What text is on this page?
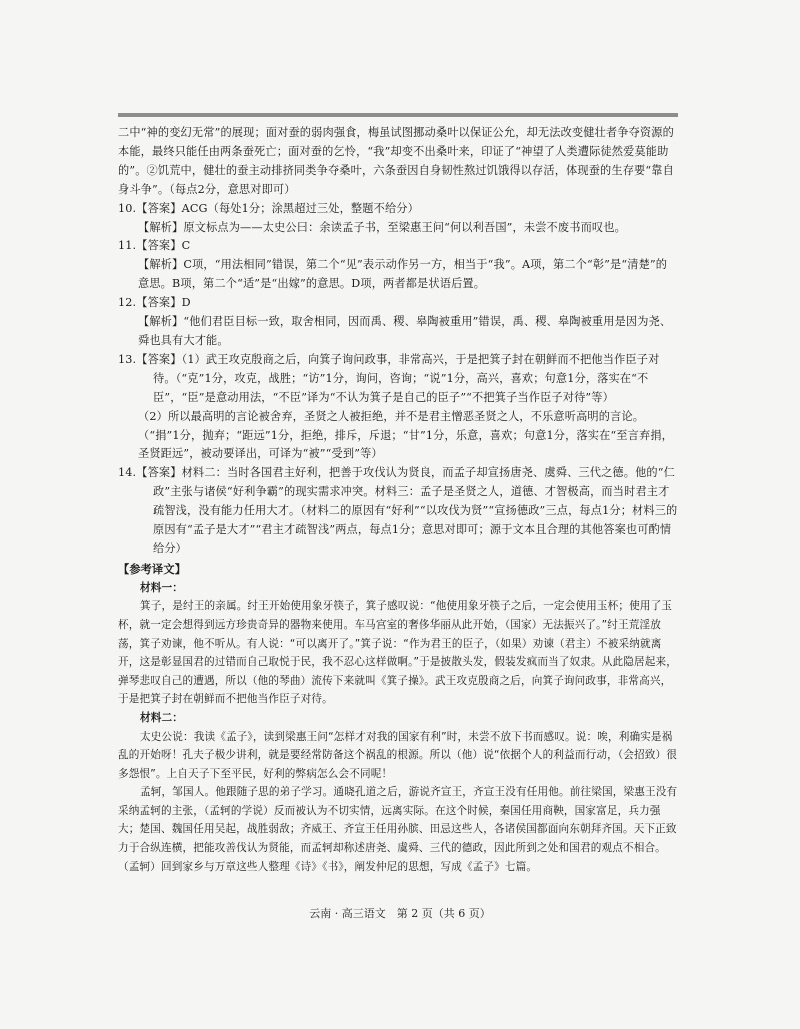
二中“神的变幻无常”的展现；面对蚕的弱肉强食，梅虽试图挪动桑叶以保证公允，却无法改变健壮者争夺资源的本能，最终只能任由两条蚕死亡；面对蚕的乞怜，“我”却变不出桑叶来，印证了“神望了人类遭际徒然爱莫能助的”。②饥荒中，健壮的蚕主动排挤同类争夺桑叶，六条蚕因自身韧性熬过饥饿得以存活，体现蚕的生存要“靠自身斗争”。（每点2分，意思对即可）

10.【答案】ACG（每处1分；涂黑超过三处，整题不给分）

【解析】原文标点为——太史公曰：余读孟子书，至梁惠王问“何以利吾国”，未尝不废书而叹也。

11.【答案】C

【解析】C项，“用法相同”错误，第二个“见”表示动作另一方，相当于“我”。A项，第二个“彰”是“清楚”的意思。B项，第二个“适”是“出嫁”的意思。D项，两者都是状语后置。

12.【答案】D

【解析】“他们君臣目标一致，取舍相同，因而禹、稷、皋陶被重用”错误，禹、稷、皋陶被重用是因为尧、舜也具有大才能。

13.【答案】（1）武王攻克殷商之后，向箕子询问政事，非常高兴，于是把箕子封在朝鲜而不把他当作臣子对待。（“克”1分，攻克，战胜；“访”1分，询问，咨询；“说”1分，高兴，喜欢；句意1分，落实在“不臣”，“臣”是意动用法，“不臣”译为“不认为箕子是自己的臣子”“不把箕子当作臣子对待”等）

（2）所以最高明的言论被舍弃，圣贤之人被拒绝，并不是君主憎恶圣贤之人，不乐意听高明的言论。（“捐”1分，抛弃；“距远”1分，拒绝，排斥，斥退；“甘”1分，乐意，喜欢；句意1分，落实在“至言弃捐，圣贤距远”，被动要译出，可译为“被”“受到”等）

14.【答案】材料二：当时各国君主好利，把善于攻伐认为贤良，而孟子却宣扬唐尧、虞舜、三代之德。他的“仁政”主张与诸侯“好利争霸”的现实需求冲突。材料三：孟子是圣贤之人，道德、才智极高，而当时君主才疏智浅，没有能力任用大才。（材料二的原因有“好利”“以攻伐为贤”“宣扬德政”三点，每点1分；材料三的原因有“孟子是大才”“君主才疏智浅”两点，每点1分；意思对即可；源于文本且合理的其他答案也可酌情给分）

【参考译文】

材料一：

箕子，是纣王的亲属。纣王开始使用象牙筷子，箕子感叹说：“他使用象牙筷子之后，一定会使用玉杯；使用了玉杯，就一定会想得到远方珍贵奇异的器物来使用。车马宫室的奢侈华丽从此开始，（国家）无法振兴了。”纣王荒淫放荡，箕子劝谏，他不听从。有人说：“可以离开了。”箕子说：“作为君王的臣子，（如果）劝谏（君主）不被采纳就离开，这是彰显国君的过错而自己取悦于民，我不忍心这样做啊。”于是披散头发，假装发疯而当了奴隶。从此隐居起来，弹琴悲叹自己的遭遇，所以（他的琴曲）流传下来就叫《箕子操》。武王攻克殷商之后，向箕子询问政事，非常高兴，于是把箕子封在朝鲜而不把他当作臣子对待。

材料二：

太史公说：我读《孟子》，读到梁惠王问“怎样才对我的国家有利”时，未尝不放下书而感叹。说：唉，利确实是祸乱的开始呀！孔夫子极少讲利，就是要经常防备这个祸乱的根源。所以（他）说“依据个人的利益而行动，（会招致）很多怨恨”。上自天子下至平民，好利的弊病怎么会不同呢！

孟轲，邹国人。他跟随子思的弟子学习。通晓孔道之后，游说齐宣王，齐宣王没有任用他。前往梁国，梁惠王没有采纳孟轲的主张，（孟轲的学说）反而被认为不切实情，远离实际。在这个时候，秦国任用商鞅，国家富足，兵力强大；楚国、魏国任用吴起，战胜弱敌；齐威王、齐宣王任用孙膑、田忌这些人，各诸侯国都面向东朝拜齐国。天下正致力于合纵连横，把能攻善伐认为贤能，而孟轲却称述唐尧、虞舜、三代的德政，因此所到之处和国君的观点不相合。（孟轲）回到家乡与万章这些人整理《诗》《书》，阐发仲尼的思想，写成《孟子》七篇。

云南 · 高三语文　第 2 页（共 6 页）
